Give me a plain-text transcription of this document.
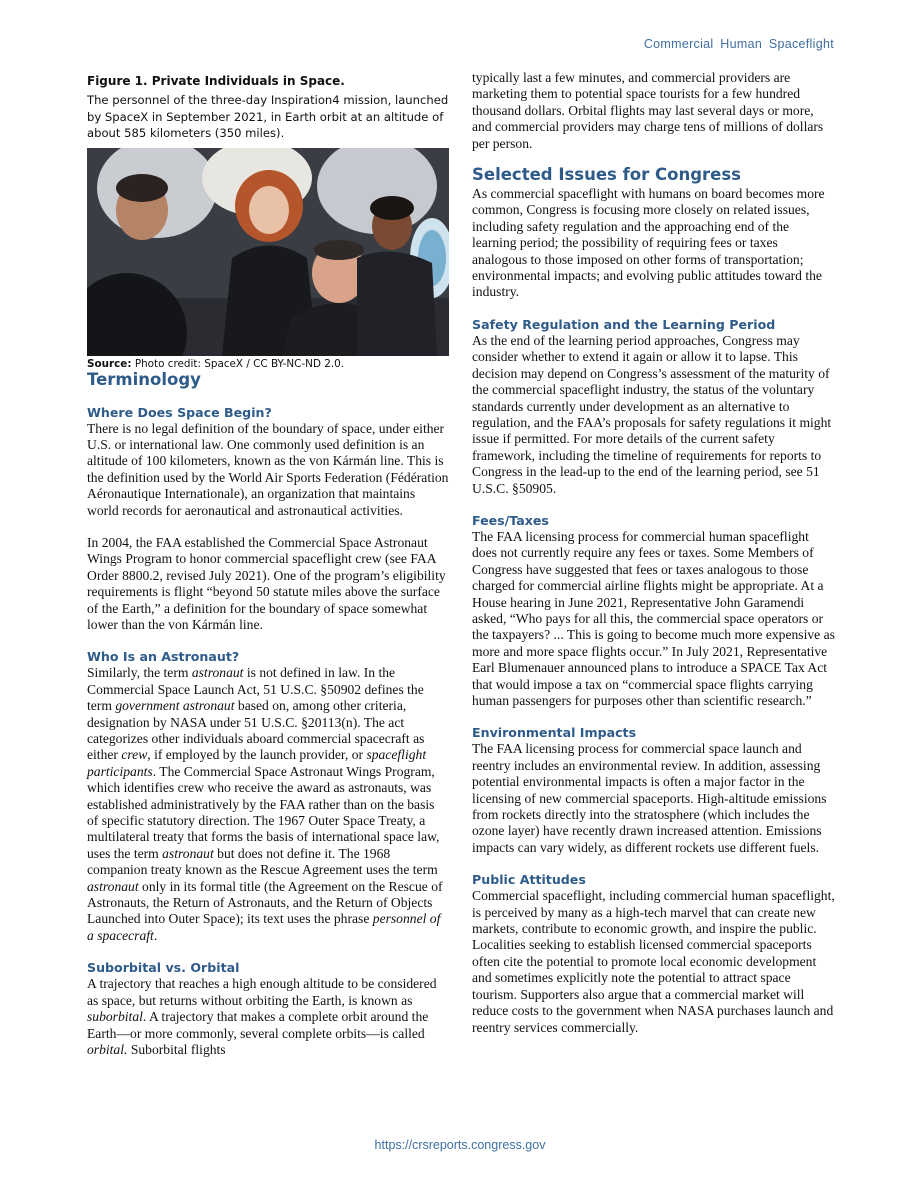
Commercial Human Spaceflight
Figure 1. Private Individuals in Space.
The personnel of the three-day Inspiration4 mission, launched by SpaceX in September 2021, in Earth orbit at an altitude of about 585 kilometers (350 miles).
Source: Photo credit: SpaceX / CC BY-NC-ND 2.0.
Terminology
Where Does Space Begin?

There is no legal definition of the boundary of space, under either U.S. or international law. One commonly used definition is an altitude of 100 kilometers, known as the von Kármán line. This is the definition used by the World Air Sports Federation (Fédération Aéronautique Internationale), an organization that maintains world records for aeronautical and astronautical activities.

In 2004, the FAA established the Commercial Space Astronaut Wings Program to honor commercial spaceflight crew (see FAA Order 8800.2, revised July 2021). One of the program’s eligibility requirements is flight “beyond 50 statute miles above the surface of the Earth,” a definition for the boundary of space somewhat lower than the von Kármán line.

Who Is an Astronaut?

Similarly, the term astronaut is not defined in law. In the Commercial Space Launch Act, 51 U.S.C. §50902 defines the term government astronaut based on, among other criteria, designation by NASA under 51 U.S.C. §20113(n). The act categorizes other individuals aboard commercial spacecraft as either crew, if employed by the launch provider, or spaceflight participants. The Commercial Space Astronaut Wings Program, which identifies crew who receive the award as astronauts, was established administratively by the FAA rather than on the basis of specific statutory direction. The 1967 Outer Space Treaty, a multilateral treaty that forms the basis of international space law, uses the term astronaut but does not define it. The 1968 companion treaty known as the Rescue Agreement uses the term astronaut only in its formal title (the Agreement on the Rescue of Astronauts, the Return of Astronauts, and the Return of Objects Launched into Outer Space); its text uses the phrase personnel of a spacecraft.

Suborbital vs. Orbital

A trajectory that reaches a high enough altitude to be considered as space, but returns without orbiting the Earth, is known as suborbital. A trajectory that makes a complete orbit around the Earth—or more commonly, several complete orbits—is called orbital. Suborbital flights

typically last a few minutes, and commercial providers are marketing them to potential space tourists for a few hundred thousand dollars. Orbital flights may last several days or more, and commercial providers may charge tens of millions of dollars per person.

Selected Issues for Congress

As commercial spaceflight with humans on board becomes more common, Congress is focusing more closely on related issues, including safety regulation and the approaching end of the learning period; the possibility of requiring fees or taxes analogous to those imposed on other forms of transportation; environmental impacts; and evolving public attitudes toward the industry.

Safety Regulation and the Learning Period

As the end of the learning period approaches, Congress may consider whether to extend it again or allow it to lapse. This decision may depend on Congress’s assessment of the maturity of the commercial spaceflight industry, the status of the voluntary standards currently under development as an alternative to regulation, and the FAA’s proposals for safety regulations it might issue if permitted. For more details of the current safety framework, including the timeline of requirements for reports to Congress in the lead-up to the end of the learning period, see 51 U.S.C. §50905.

Fees/Taxes

The FAA licensing process for commercial human spaceflight does not currently require any fees or taxes. Some Members of Congress have suggested that fees or taxes analogous to those charged for commercial airline flights might be appropriate. At a House hearing in June 2021, Representative John Garamendi asked, “Who pays for all this, the commercial space operators or the taxpayers? ... This is going to become much more expensive as more and more space flights occur.” In July 2021, Representative Earl Blumenauer announced plans to introduce a SPACE Tax Act that would impose a tax on “commercial space flights carrying human passengers for purposes other than scientific research.”

Environmental Impacts

The FAA licensing process for commercial space launch and reentry includes an environmental review. In addition, assessing potential environmental impacts is often a major factor in the licensing of new commercial spaceports. High-altitude emissions from rockets directly into the stratosphere (which includes the ozone layer) have recently drawn increased attention. Emissions impacts can vary widely, as different rockets use different fuels.

Public Attitudes

Commercial spaceflight, including commercial human spaceflight, is perceived by many as a high-tech marvel that can create new markets, contribute to economic growth, and inspire the public. Localities seeking to establish licensed commercial spaceports often cite the potential to promote local economic development and sometimes explicitly note the potential to attract space tourism. Supporters also argue that a commercial market will reduce costs to the government when NASA purchases launch and reentry services commercially.

https://crsreports.congress.gov
